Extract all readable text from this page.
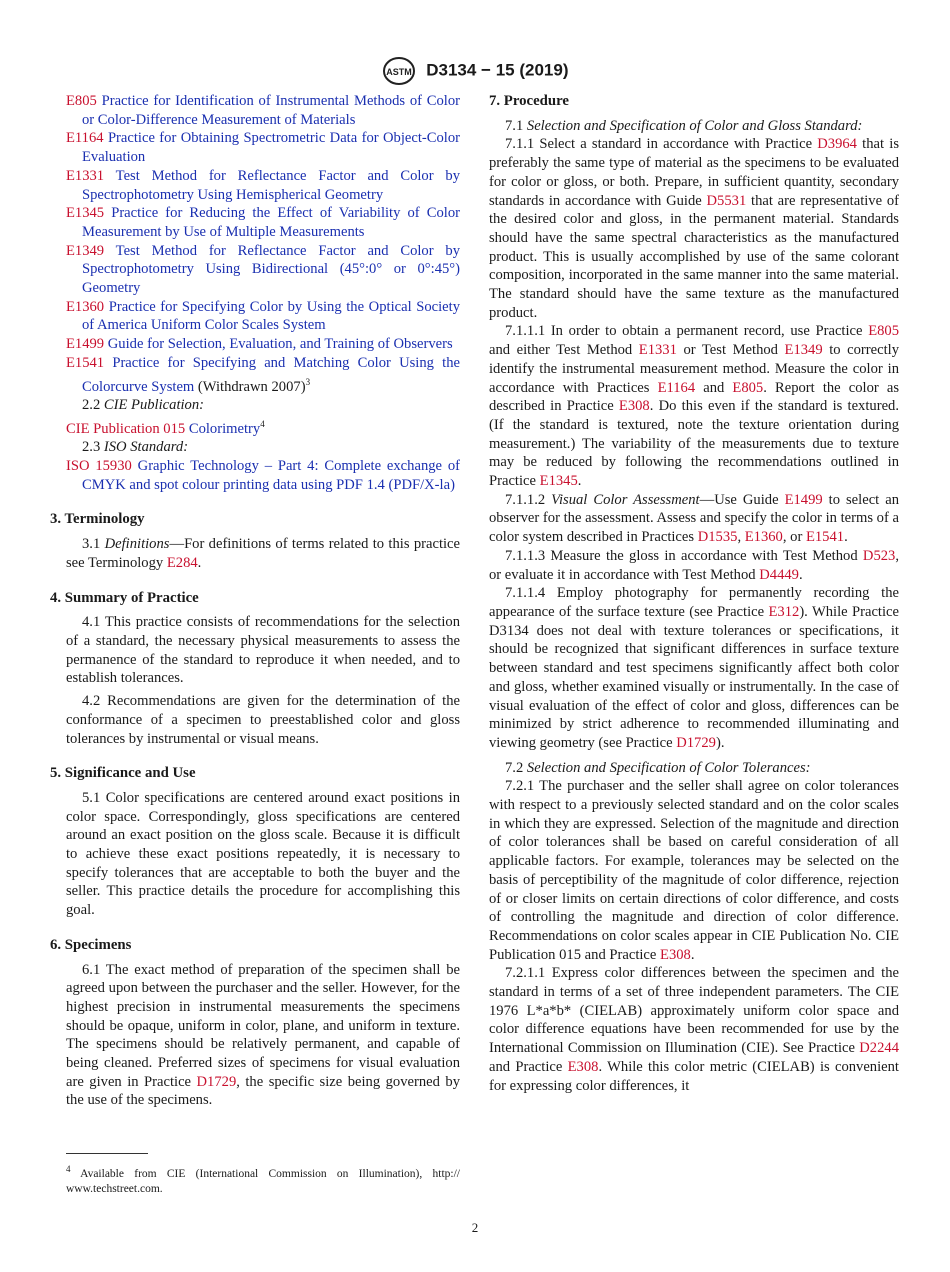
ASTM D3134 − 15 (2019)

E805 Practice for Identification of Instrumental Methods of Color or Color-Difference Measurement of Materials

E1164 Practice for Obtaining Spectrometric Data for Object-Color Evaluation

E1331 Test Method for Reflectance Factor and Color by Spectrophotometry Using Hemispherical Geometry

E1345 Practice for Reducing the Effect of Variability of Color Measurement by Use of Multiple Measurements

E1349 Test Method for Reflectance Factor and Color by Spectrophotometry Using Bidirectional (45°:0° or 0°:45°) Geometry

E1360 Practice for Specifying Color by Using the Optical Society of America Uniform Color Scales System

E1499 Guide for Selection, Evaluation, and Training of Observers

E1541 Practice for Specifying and Matching Color Using the Colorcurve System (Withdrawn 2007)$^3$

2.2 CIE Publication:

CIE Publication 015 Colorimetry$^4$

2.3 ISO Standard:

ISO 15930 Graphic Technology – Part 4: Complete exchange of CMYK and spot colour printing data using PDF 1.4 (PDF/X-la)

3. Terminology

3.1 Definitions—For definitions of terms related to this practice see Terminology E284.

4. Summary of Practice

4.1 This practice consists of recommendations for the selection of a standard, the necessary physical measurements to assess the permanence of the standard to reproduce it when needed, and to establish tolerances.

4.2 Recommendations are given for the determination of the conformance of a specimen to preestablished color and gloss tolerances by instrumental or visual means.

5. Significance and Use

5.1 Color specifications are centered around exact positions in color space. Correspondingly, gloss specifications are centered around an exact position on the gloss scale. Because it is difficult to achieve these exact positions repeatedly, it is necessary to specify tolerances that are acceptable to both the buyer and the seller. This practice details the procedure for accomplishing this goal.

6. Specimens

6.1 The exact method of preparation of the specimen shall be agreed upon between the purchaser and the seller. However, for the highest precision in instrumental measurements the specimens should be opaque, uniform in color, plane, and uniform in texture. The specimens should be relatively permanent, and capable of being cleaned. Preferred sizes of specimens for visual evaluation are given in Practice D1729, the specific size being governed by the use of the specimens.

$^4$ Available from CIE (International Commission on Illumination), http:// www.techstreet.com.
7. Procedure

7.1 Selection and Specification of Color and Gloss Standard:

7.1.1 Select a standard in accordance with Practice D3964 that is preferably the same type of material as the specimens to be evaluated for color or gloss, or both. Prepare, in sufficient quantity, secondary standards in accordance with Guide D5531 that are representative of the desired color and gloss, in the permanent material. Standards should have the same spectral characteristics as the manufactured product. This is usually accomplished by use of the same colorant composition, incorporated in the same manner into the same material. The standard should have the same texture as the manufactured product.

7.1.1.1 In order to obtain a permanent record, use Practice E805 and either Test Method E1331 or Test Method E1349 to correctly identify the instrumental measurement method. Measure the color in accordance with Practices E1164 and E805. Report the color as described in Practice E308. Do this even if the standard is textured. (If the standard is textured, note the texture orientation during measurement.) The variability of the measurements due to texture may be reduced by following the recommendations outlined in Practice E1345.

7.1.1.2 Visual Color Assessment—Use Guide E1499 to select an observer for the assessment. Assess and specify the color in terms of a color system described in Practices D1535, E1360, or E1541.

7.1.1.3 Measure the gloss in accordance with Test Method D523, or evaluate it in accordance with Test Method D4449.

7.1.1.4 Employ photography for permanently recording the appearance of the surface texture (see Practice E312). While Practice D3134 does not deal with texture tolerances or specifications, it should be recognized that significant differences in surface texture between standard and test specimens significantly affect both color and gloss, whether examined visually or instrumentally. In the case of visual evaluation of the effect of color and gloss, differences can be minimized by strict adherence to recommended illuminating and viewing geometry (see Practice D1729).

7.2 Selection and Specification of Color Tolerances:

7.2.1 The purchaser and the seller shall agree on color tolerances with respect to a previously selected standard and on the color scales in which they are expressed. Selection of the magnitude and direction of color tolerances shall be based on careful consideration of all applicable factors. For example, tolerances may be selected on the basis of perceptibility of the magnitude of color difference, rejection of or closer limits on certain directions of color difference, and costs of controlling the magnitude and direction of color difference. Recommendations on color scales appear in CIE Publication No. CIE Publication 015 and Practice E308.

7.2.1.1 Express color differences between the specimen and the standard in terms of a set of three independent parameters. The CIE 1976 L*a*b* (CIELAB) approximately uniform color space and color difference equations have been recommended for use by the International Commission on Illumination (CIE). See Practice D2244 and Practice E308. While this color metric (CIELAB) is convenient for expressing color differences, it

2
